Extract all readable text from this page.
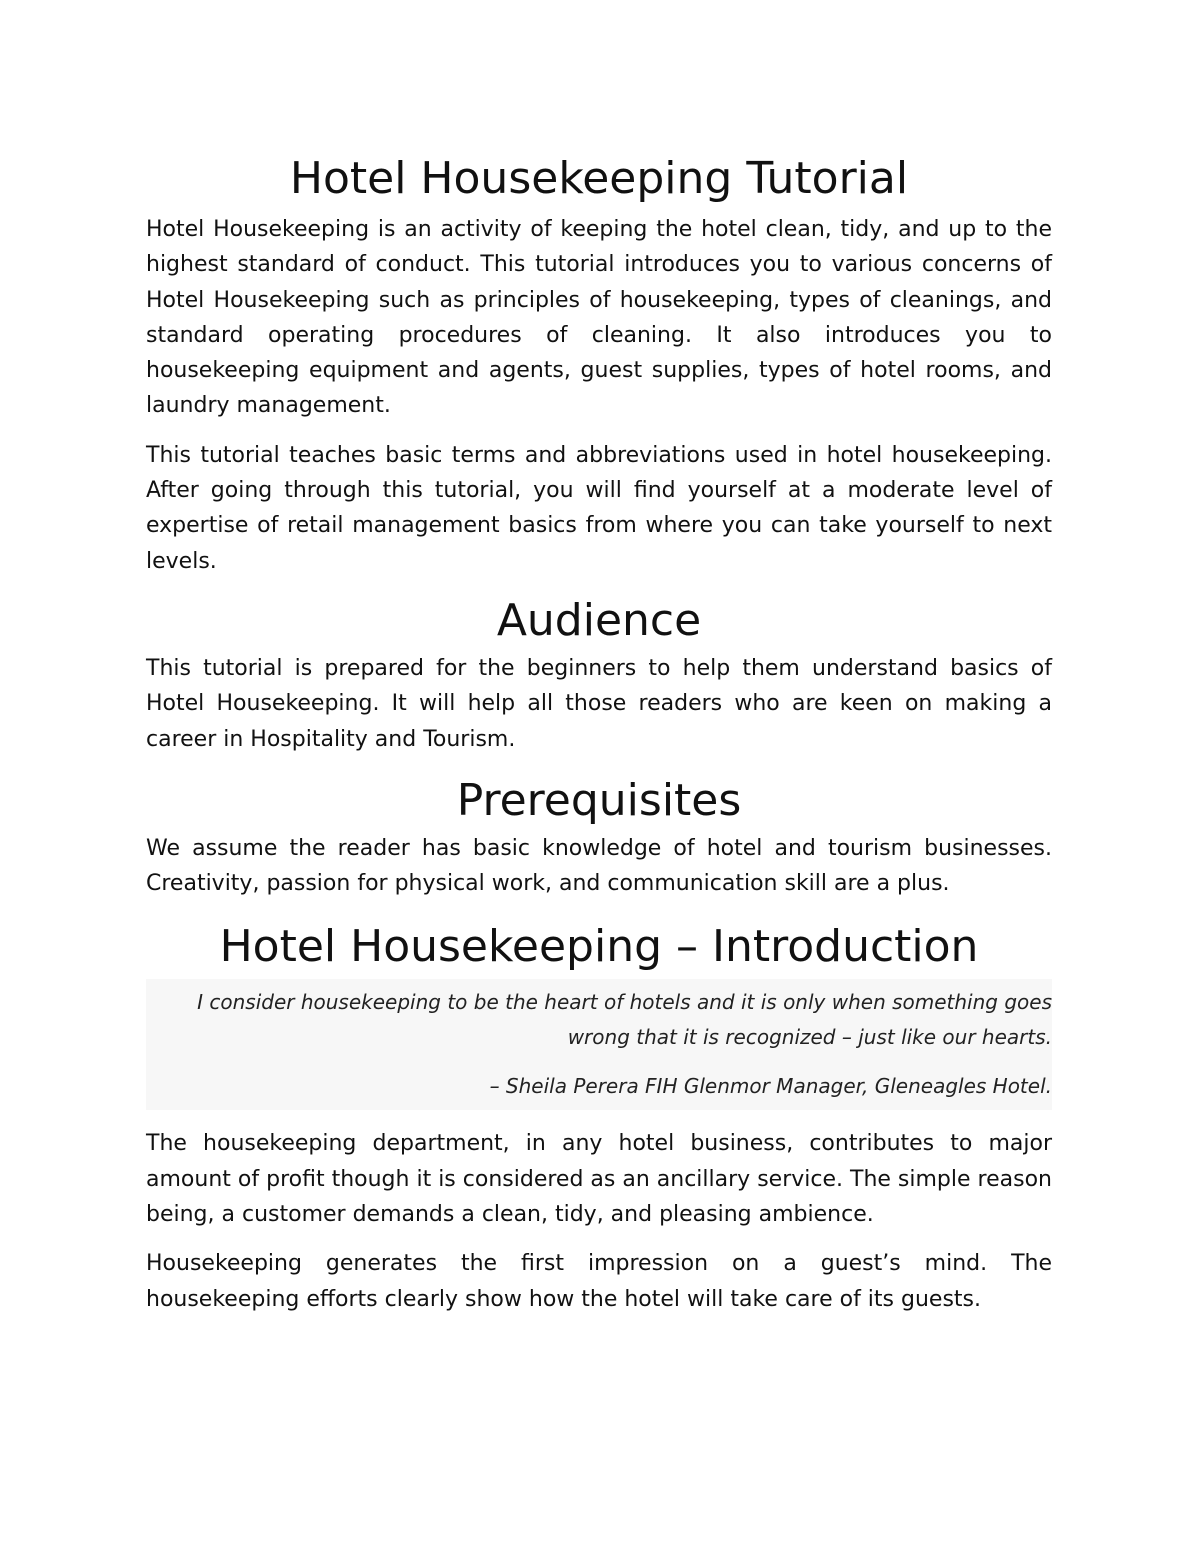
Hotel Housekeeping Tutorial

Hotel Housekeeping is an activity of keeping the hotel clean, tidy, and up to the highest standard of conduct. This tutorial introduces you to various concerns of Hotel Housekeeping such as principles of housekeeping, types of cleanings, and standard operating procedures of cleaning. It also introduces you to housekeeping equipment and agents, guest supplies, types of hotel rooms, and laundry management.

This tutorial teaches basic terms and abbreviations used in hotel housekeeping. After going through this tutorial, you will find yourself at a moderate level of expertise of retail management basics from where you can take yourself to next levels.

Audience

This tutorial is prepared for the beginners to help them understand basics of Hotel Housekeeping. It will help all those readers who are keen on making a career in Hospitality and Tourism.

Prerequisites

We assume the reader has basic knowledge of hotel and tourism businesses. Creativity, passion for physical work, and communication skill are a plus.

Hotel Housekeeping – Introduction

I consider housekeeping to be the heart of hotels and it is only when something goes wrong that it is recognized – just like our hearts.

– Sheila Perera FIH Glenmor Manager, Gleneagles Hotel.

The housekeeping department, in any hotel business, contributes to major amount of profit though it is considered as an ancillary service. The simple reason being, a customer demands a clean, tidy, and pleasing ambience.

Housekeeping generates the first impression on a guest’s mind. The housekeeping efforts clearly show how the hotel will take care of its guests.
